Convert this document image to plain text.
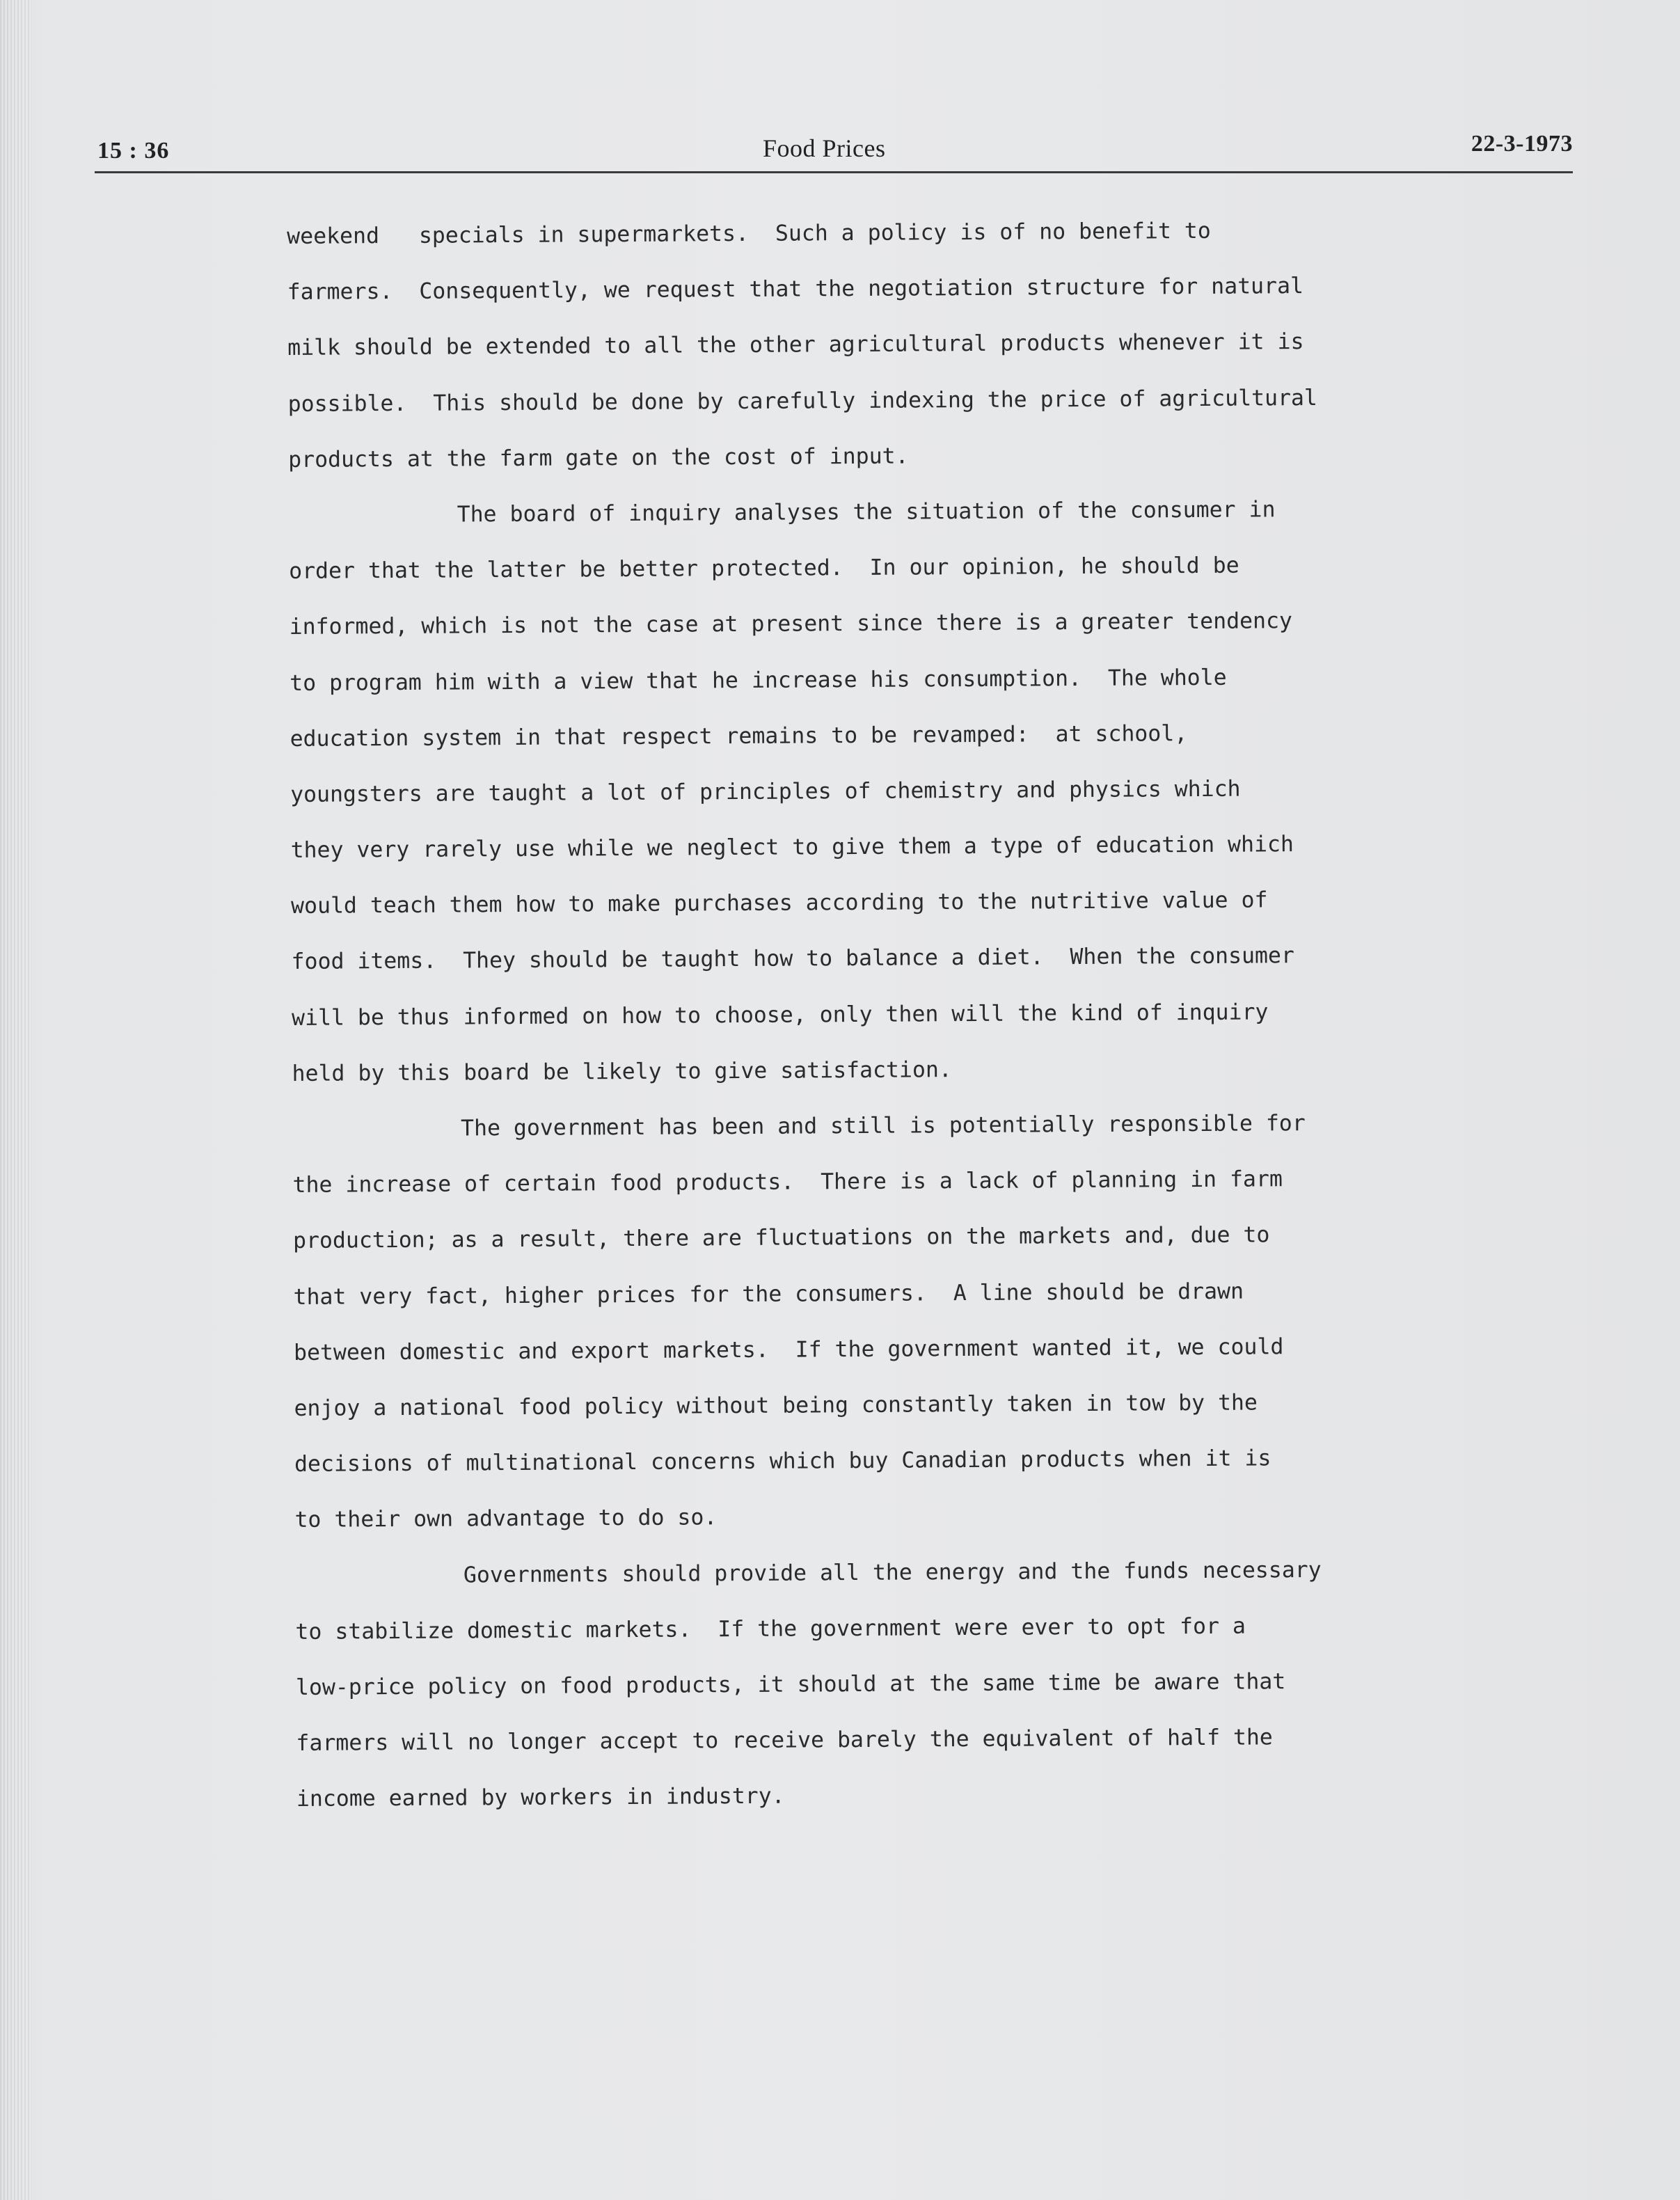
15 : 36	Food Prices	22-3-1973
weekend   specials in supermarkets.  Such a policy is of no benefit to
farmers.  Consequently, we request that the negotiation structure for natural
milk should be extended to all the other agricultural products whenever it is
possible.  This should be done by carefully indexing the price of agricultural
products at the farm gate on the cost of input.
The board of inquiry analyses the situation of the consumer in
order that the latter be better protected.  In our opinion, he should be
informed, which is not the case at present since there is a greater tendency
to program him with a view that he increase his consumption.  The whole
education system in that respect remains to be revamped:  at school,
youngsters are taught a lot of principles of chemistry and physics which
they very rarely use while we neglect to give them a type of education which
would teach them how to make purchases according to the nutritive value of
food items.  They should be taught how to balance a diet.  When the consumer
will be thus informed on how to choose, only then will the kind of inquiry
held by this board be likely to give satisfaction.
The government has been and still is potentially responsible for
the increase of certain food products.  There is a lack of planning in farm
production; as a result, there are fluctuations on the markets and, due to
that very fact, higher prices for the consumers.  A line should be drawn
between domestic and export markets.  If the government wanted it, we could
enjoy a national food policy without being constantly taken in tow by the
decisions of multinational concerns which buy Canadian products when it is
to their own advantage to do so.
Governments should provide all the energy and the funds necessary
to stabilize domestic markets.  If the government were ever to opt for a
low-price policy on food products, it should at the same time be aware that
farmers will no longer accept to receive barely the equivalent of half the
income earned by workers in industry.
